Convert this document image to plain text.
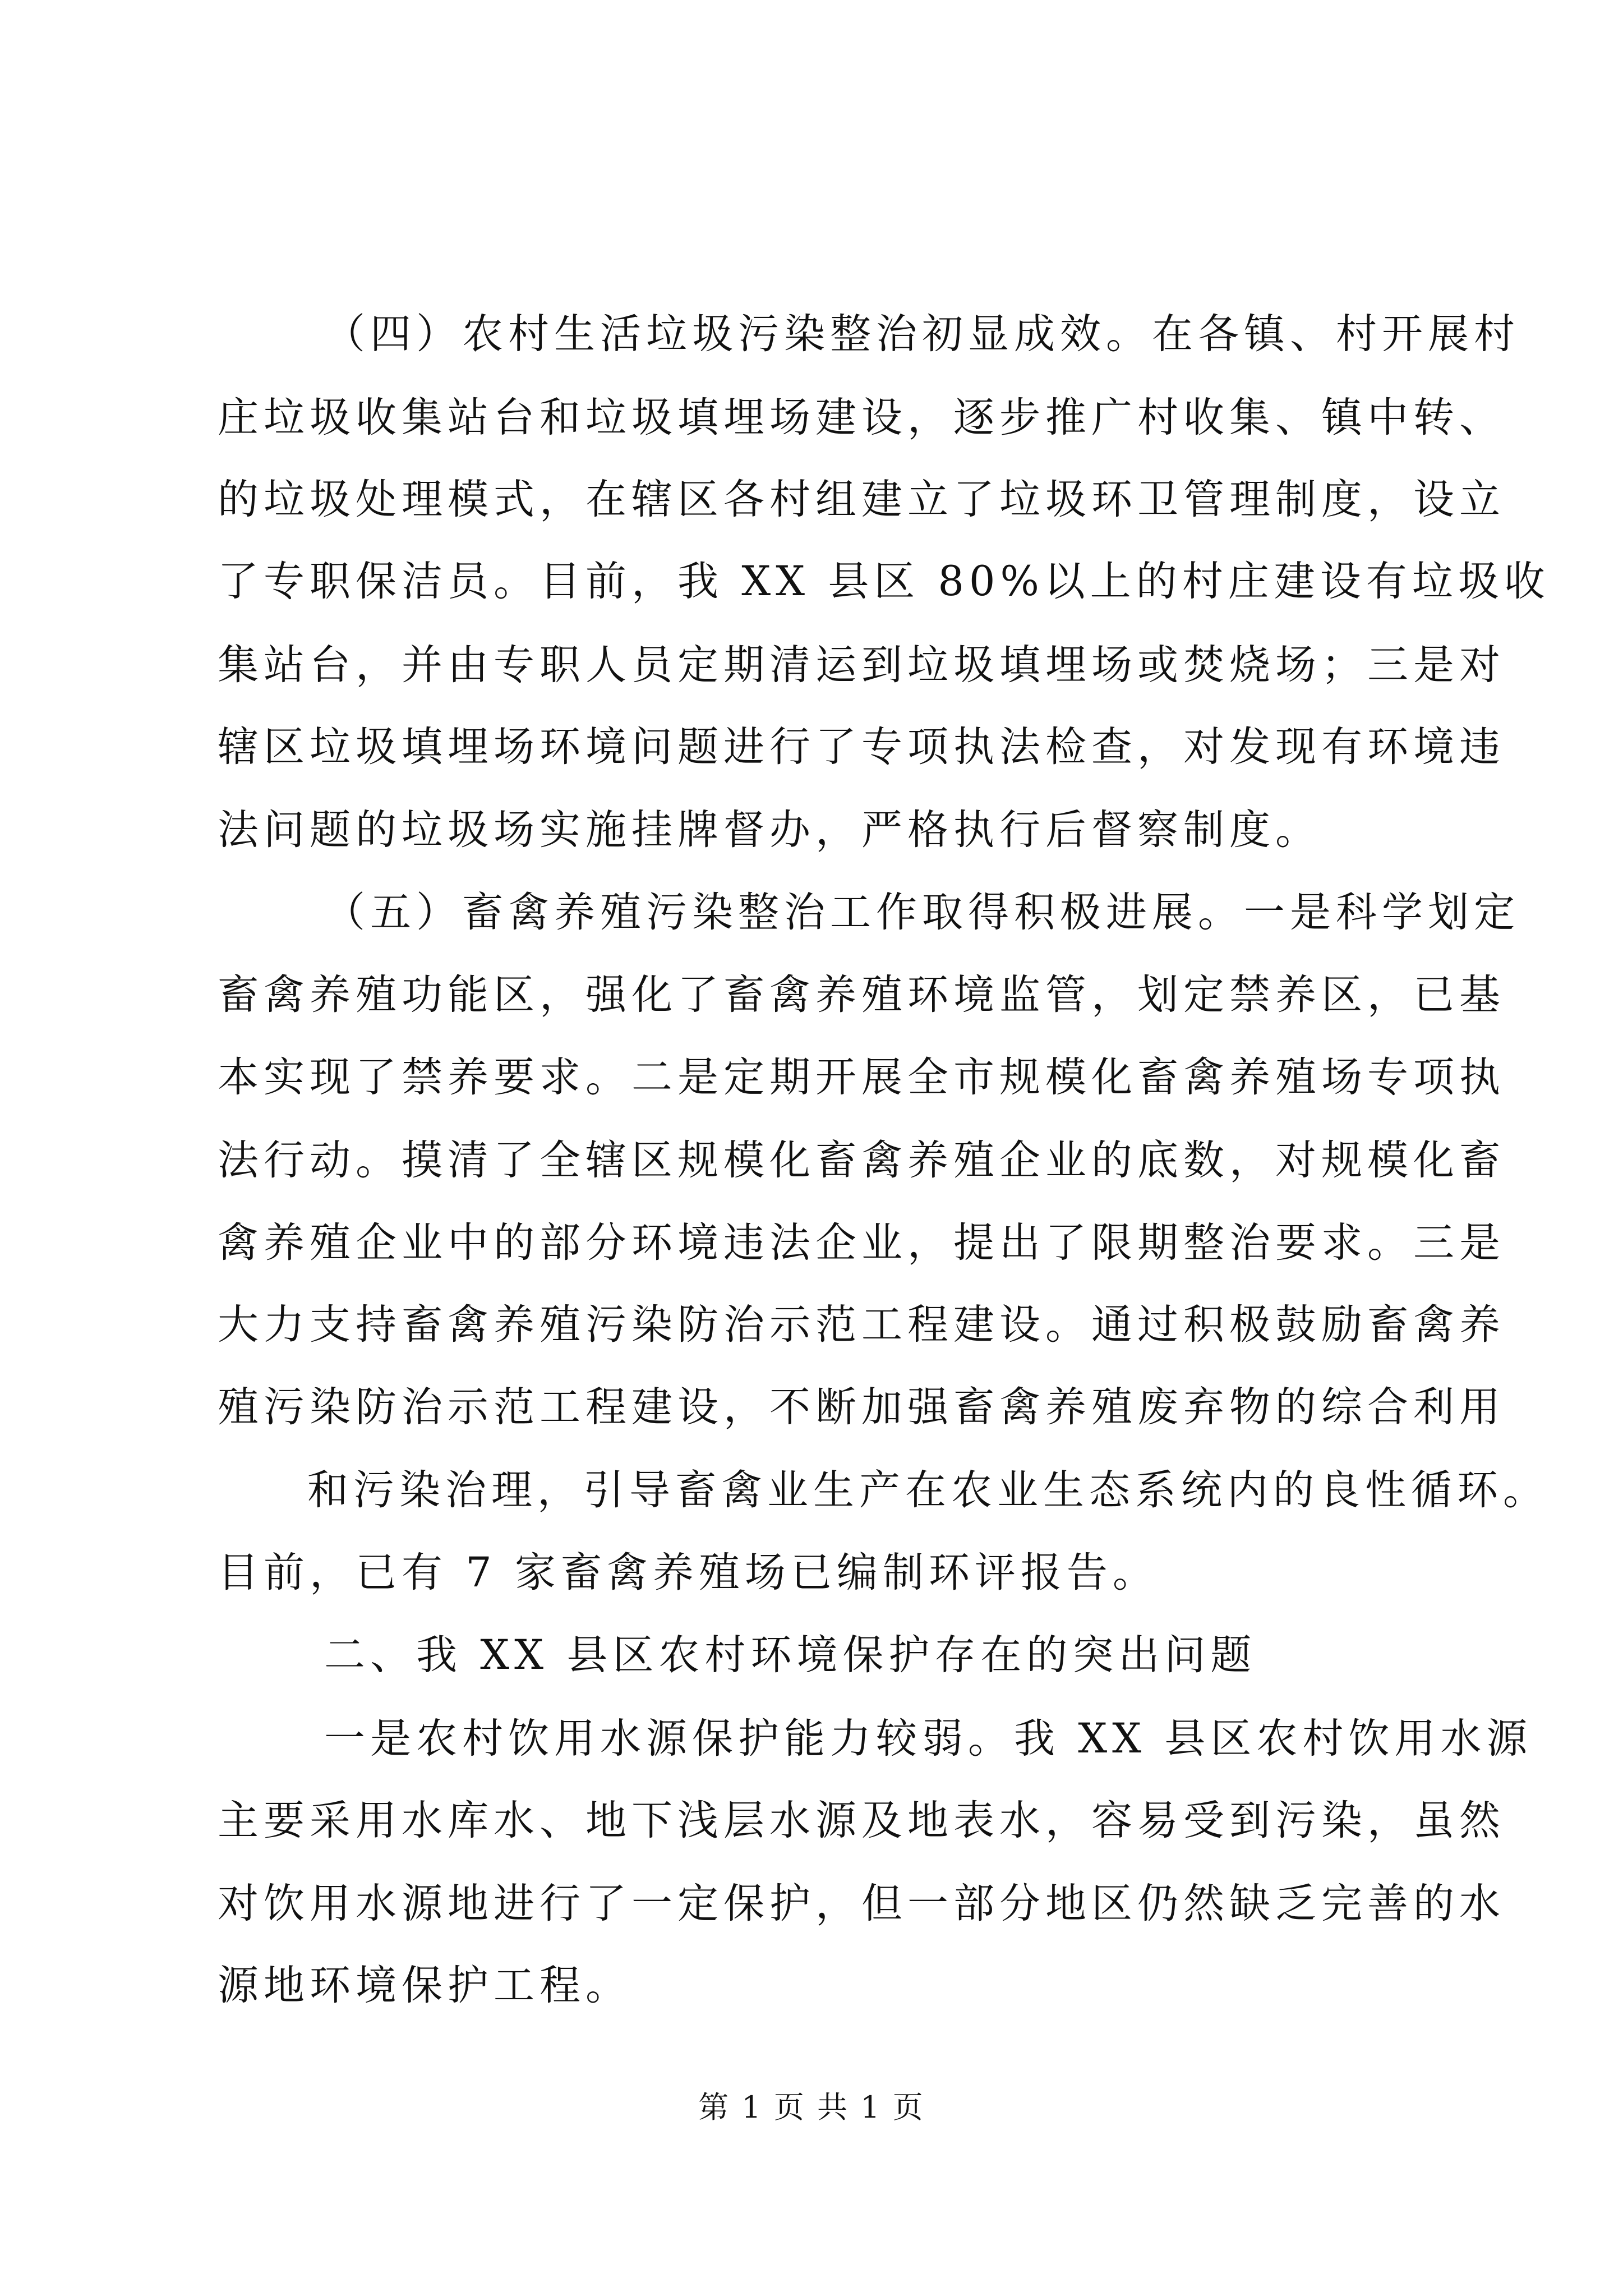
（四）农村生活垃圾污染整治初显成效。在各镇、村开展村
庄垃圾收集站台和垃圾填埋场建设，逐步推广村收集、镇中转、
的垃圾处理模式，在辖区各村组建立了垃圾环卫管理制度，设立
了专职保洁员。目前，我 XX 县区 80%以上的村庄建设有垃圾收
集站台，并由专职人员定期清运到垃圾填埋场或焚烧场；三是对
辖区垃圾填埋场环境问题进行了专项执法检查，对发现有环境违
法问题的垃圾场实施挂牌督办，严格执行后督察制度。
（五）畜禽养殖污染整治工作取得积极进展。一是科学划定
畜禽养殖功能区，强化了畜禽养殖环境监管，划定禁养区，已基
本实现了禁养要求。二是定期开展全市规模化畜禽养殖场专项执
法行动。摸清了全辖区规模化畜禽养殖企业的底数，对规模化畜
禽养殖企业中的部分环境违法企业，提出了限期整治要求。三是
大力支持畜禽养殖污染防治示范工程建设。通过积极鼓励畜禽养
殖污染防治示范工程建设，不断加强畜禽养殖废弃物的综合利用
和污染治理，引导畜禽业生产在农业生态系统内的良性循环。
目前，已有 7 家畜禽养殖场已编制环评报告。
二、我 XX 县区农村环境保护存在的突出问题
一是农村饮用水源保护能力较弱。我 XX 县区农村饮用水源
主要采用水库水、地下浅层水源及地表水，容易受到污染，虽然
对饮用水源地进行了一定保护，但一部分地区仍然缺乏完善的水
源地环境保护工程。
第 1 页 共 1 页
